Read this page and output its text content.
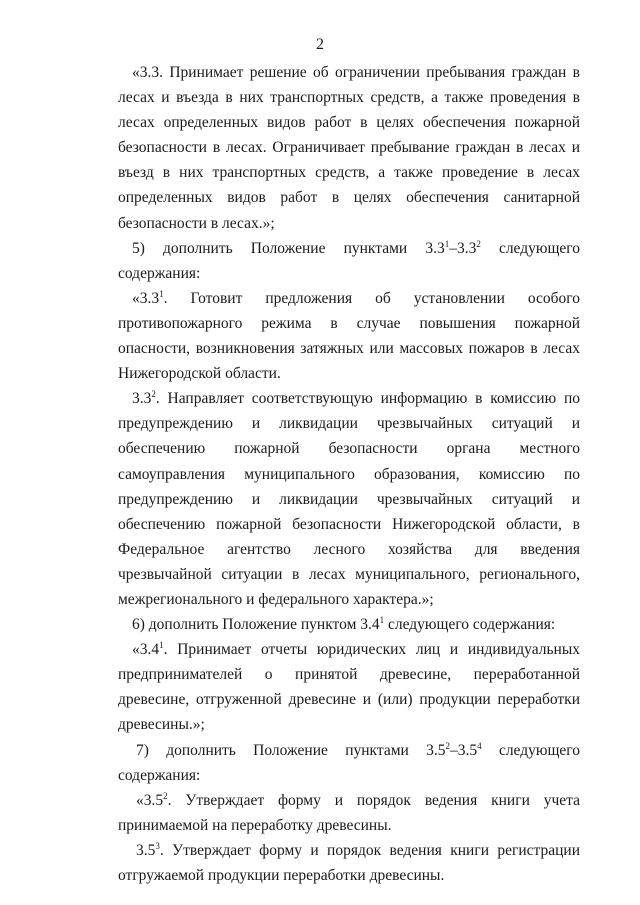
2

«3.3. Принимает решение об ограничении пребывания граждан в лесах и въезда в них транспортных средств, а также проведения в лесах определенных видов работ в целях обеспечения пожарной безопасности в лесах. Ограничивает пребывание граждан в лесах и въезд в них транспортных средств, а также проведение в лесах определенных видов работ в целях обеспечения санитарной безопасности в лесах.»;

5) дополнить Положение пунктами $3.3^1-3.3^2$ следующего содержания:

«$3.3^1$. Готовит предложения об установлении особого противопожарного режима в случае повышения пожарной опасности, возникновения затяжных или массовых пожаров в лесах Нижегородской области.

$3.3^2$. Направляет соответствующую информацию в комиссию по предупреждению и ликвидации чрезвычайных ситуаций и обеспечению пожарной безопасности органа местного самоуправления муниципального образования, комиссию по предупреждению и ликвидации чрезвычайных ситуаций и обеспечению пожарной безопасности Нижегородской области, в Федеральное агентство лесного хозяйства для введения чрезвычайной ситуации в лесах муниципального, регионального, межрегионального и федерального характера.»;

6) дополнить Положение пунктом $3.4^1$ следующего содержания:

«$3.4^1$. Принимает отчеты юридических лиц и индивидуальных предпринимателей о принятой древесине, переработанной древесине, отгруженной древесине и (или) продукции переработки древесины.»;

7) дополнить Положение пунктами $3.5^2-3.5^4$ следующего содержания:

«$3.5^2$. Утверждает форму и порядок ведения книги учета принимаемой на переработку древесины.

$3.5^3$. Утверждает форму и порядок ведения книги регистрации отгружаемой продукции переработки древесины.
